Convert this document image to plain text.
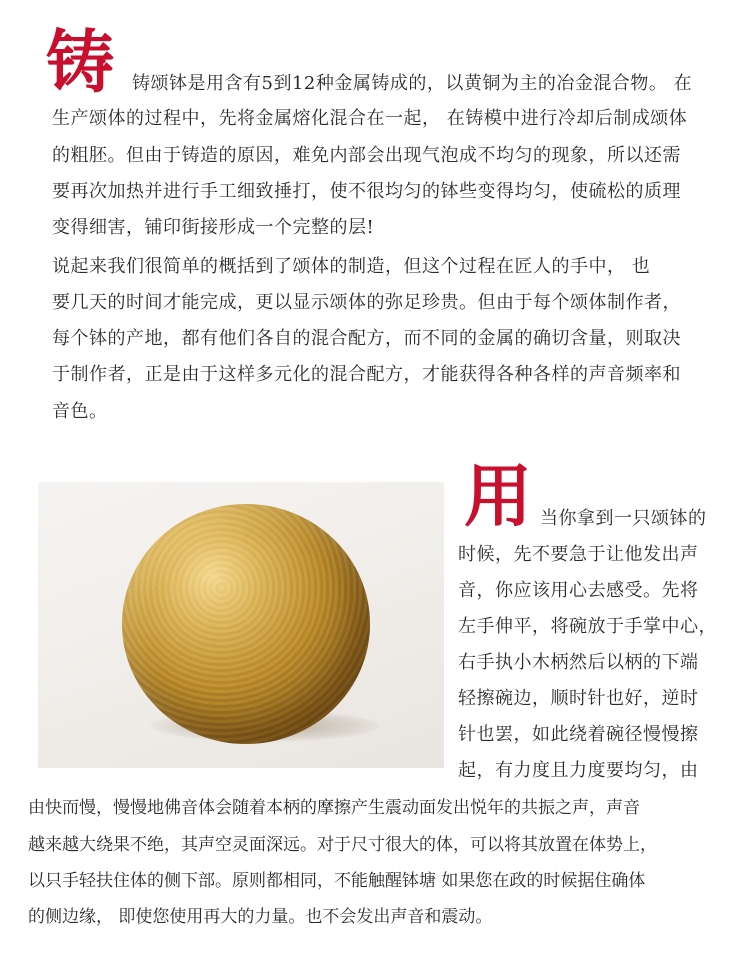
铸 铸颂钵是用含有5到12种金属铸成的，以黄铜为主的冶金混合物。 在
生产颂体的过程中，先将金属熔化混合在一起， 在铸模中进行冷却后制成颂体
的粗胚。但由于铸造的原因，难免内部会出现气泡成不均匀的现象，所以还需
要再次加热并进行手工细致捶打，使不很均匀的钵些变得均匀，使硫松的质理
变得细害，铺印街接形成一个完整的层!
说起来我们很简单的概括到了颂体的制造，但这个过程在匠人的手中， 也
要几天的时间才能完成，更以显示颂体的弥足珍贵。但由于每个颂体制作者，
每个钵的产地，都有他们各自的混合配方，而不同的金属的确切含量，则取决
于制作者，正是由于这样多元化的混合配方，才能获得各种各样的声音频率和
音色。
用 当你拿到一只颂钵的
时候，先不要急于让他发出声
音，你应该用心去感受。先将
左手伸平，将碗放于手掌中心，
右手执小木柄然后以柄的下端
轻擦碗边，顺时针也好，逆时
针也罢，如此绕着碗径慢慢擦
起，有力度且力度要均匀，由
由快而慢，慢慢地佛音体会随着本柄的摩擦产生震动面发出悦年的共振之声，声音
越来越大绕果不绝，其声空灵面深远。对于尺寸很大的体，可以将其放置在体势上，
以只手轻扶住体的侧下部。原则都相同，不能触醒钵塘 如果您在政的时候据住确体
的侧边缘， 即使您使用再大的力量。也不会发出声音和震动。
